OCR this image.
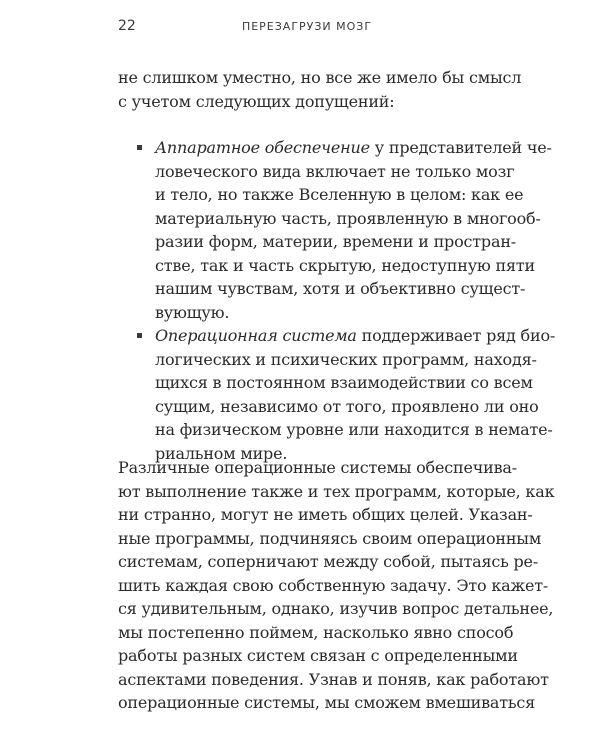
22	ПЕРЕЗАГРУЗИ МОЗГ
не слишком уместно, но все же имело бы смысл
с учетом следующих допущений:
Аппаратное обеспечение у представителей че-
ловеческого вида включает не только мозг
и тело, но также Вселенную в целом: как ее
материальную часть, проявленную в многооб-
разии форм, материи, времени и простран-
стве, так и часть скрытую, недоступную пяти
нашим чувствам, хотя и объективно сущест-
вующую.
Операционная система поддерживает ряд био-
логических и психических программ, находя-
щихся в постоянном взаимодействии со всем
сущим, независимо от того, проявлено ли оно
на физическом уровне или находится в немате-
риальном мире.
Различные операционные системы обеспечива-
ют выполнение также и тех программ, которые, как
ни странно, могут не иметь общих целей. Указан-
ные программы, подчиняясь своим операционным
системам, соперничают между собой, пытаясь ре-
шить каждая свою собственную задачу. Это кажет-
ся удивительным, однако, изучив вопрос детальнее,
мы постепенно поймем, насколько явно способ
работы разных систем связан с определенными
аспектами поведения. Узнав и поняв, как работают
операционные системы, мы сможем вмешиваться
